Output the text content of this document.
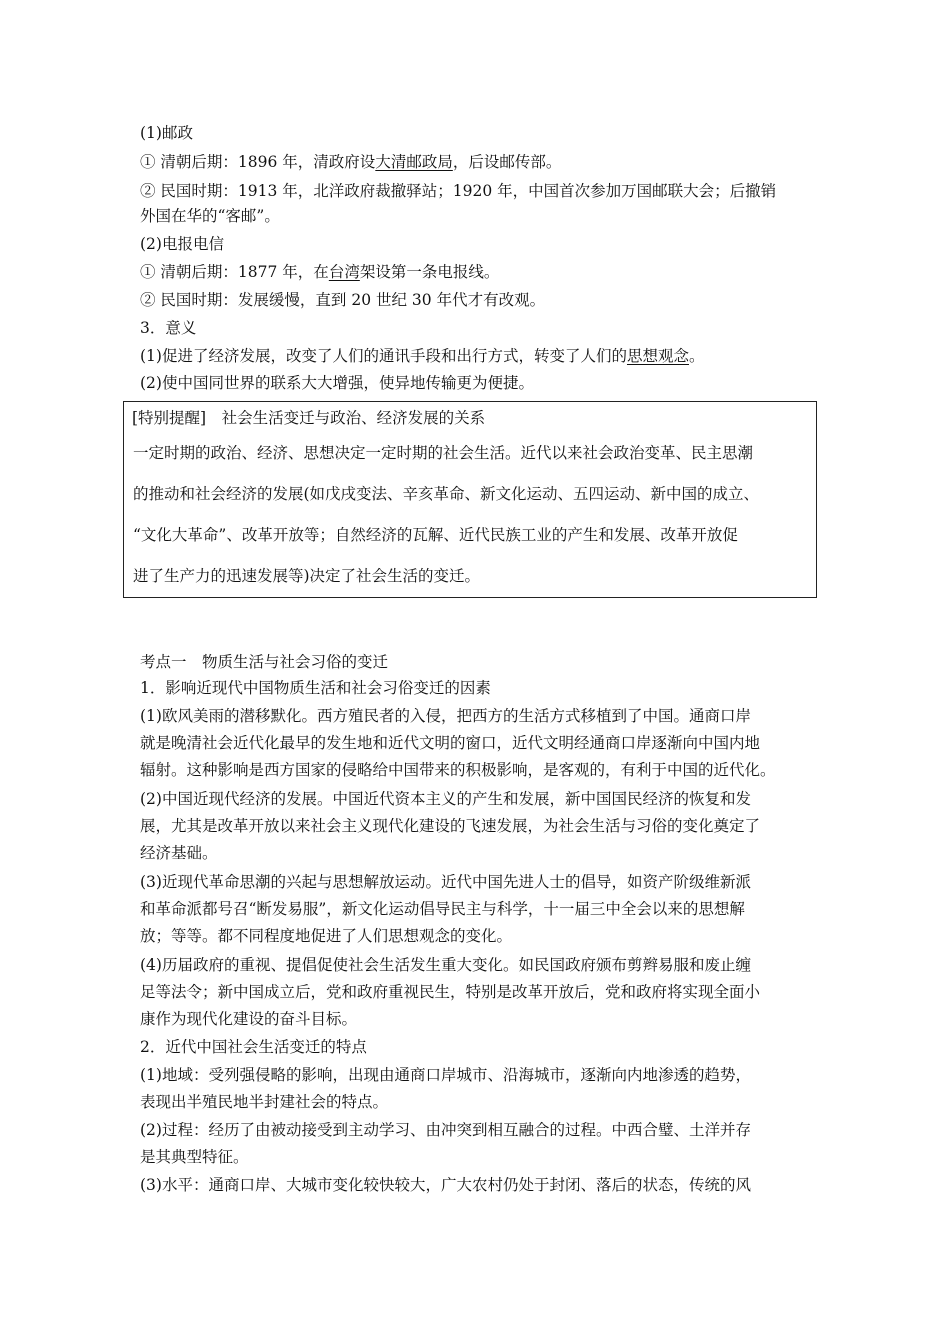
(1)邮政
① 清朝后期：1896 年，清政府设大清邮政局，后设邮传部。
② 民国时期：1913 年，北洋政府裁撤驿站；1920 年，中国首次参加万国邮联大会；后撤销
外国在华的“客邮”。
(2)电报电信
① 清朝后期：1877 年，在台湾架设第一条电报线。
② 民国时期：发展缓慢，直到 20 世纪 30 年代才有改观。
3．意义
(1)促进了经济发展，改变了人们的通讯手段和出行方式，转变了人们的思想观念。
(2)使中国同世界的联系大大增强，使异地传输更为便捷。
[特别提醒]　社会生活变迁与政治、经济发展的关系
一定时期的政治、经济、思想决定一定时期的社会生活。近代以来社会政治变革、民主思潮
的推动和社会经济的发展(如戊戌变法、辛亥革命、新文化运动、五四运动、新中国的成立、
“文化大革命”、改革开放等；自然经济的瓦解、近代民族工业的产生和发展、改革开放促
进了生产力的迅速发展等)决定了社会生活的变迁。
考点一　物质生活与社会习俗的变迁
1．影响近现代中国物质生活和社会习俗变迁的因素
(1)欧风美雨的潜移默化。西方殖民者的入侵，把西方的生活方式移植到了中国。通商口岸
就是晚清社会近代化最早的发生地和近代文明的窗口，近代文明经通商口岸逐渐向中国内地
辐射。这种影响是西方国家的侵略给中国带来的积极影响，是客观的，有利于中国的近代化。
(2)中国近现代经济的发展。中国近代资本主义的产生和发展，新中国国民经济的恢复和发
展，尤其是改革开放以来社会主义现代化建设的飞速发展，为社会生活与习俗的变化奠定了
经济基础。
(3)近现代革命思潮的兴起与思想解放运动。近代中国先进人士的倡导，如资产阶级维新派
和革命派都号召“断发易服”，新文化运动倡导民主与科学，十一届三中全会以来的思想解
放；等等。都不同程度地促进了人们思想观念的变化。
(4)历届政府的重视、提倡促使社会生活发生重大变化。如民国政府颁布剪辫易服和废止缠
足等法令；新中国成立后，党和政府重视民生，特别是改革开放后，党和政府将实现全面小
康作为现代化建设的奋斗目标。
2．近代中国社会生活变迁的特点
(1)地域：受列强侵略的影响，出现由通商口岸城市、沿海城市，逐渐向内地渗透的趋势，
表现出半殖民地半封建社会的特点。
(2)过程：经历了由被动接受到主动学习、由冲突到相互融合的过程。中西合璧、土洋并存
是其典型特征。
(3)水平：通商口岸、大城市变化较快较大，广大农村仍处于封闭、落后的状态，传统的风
